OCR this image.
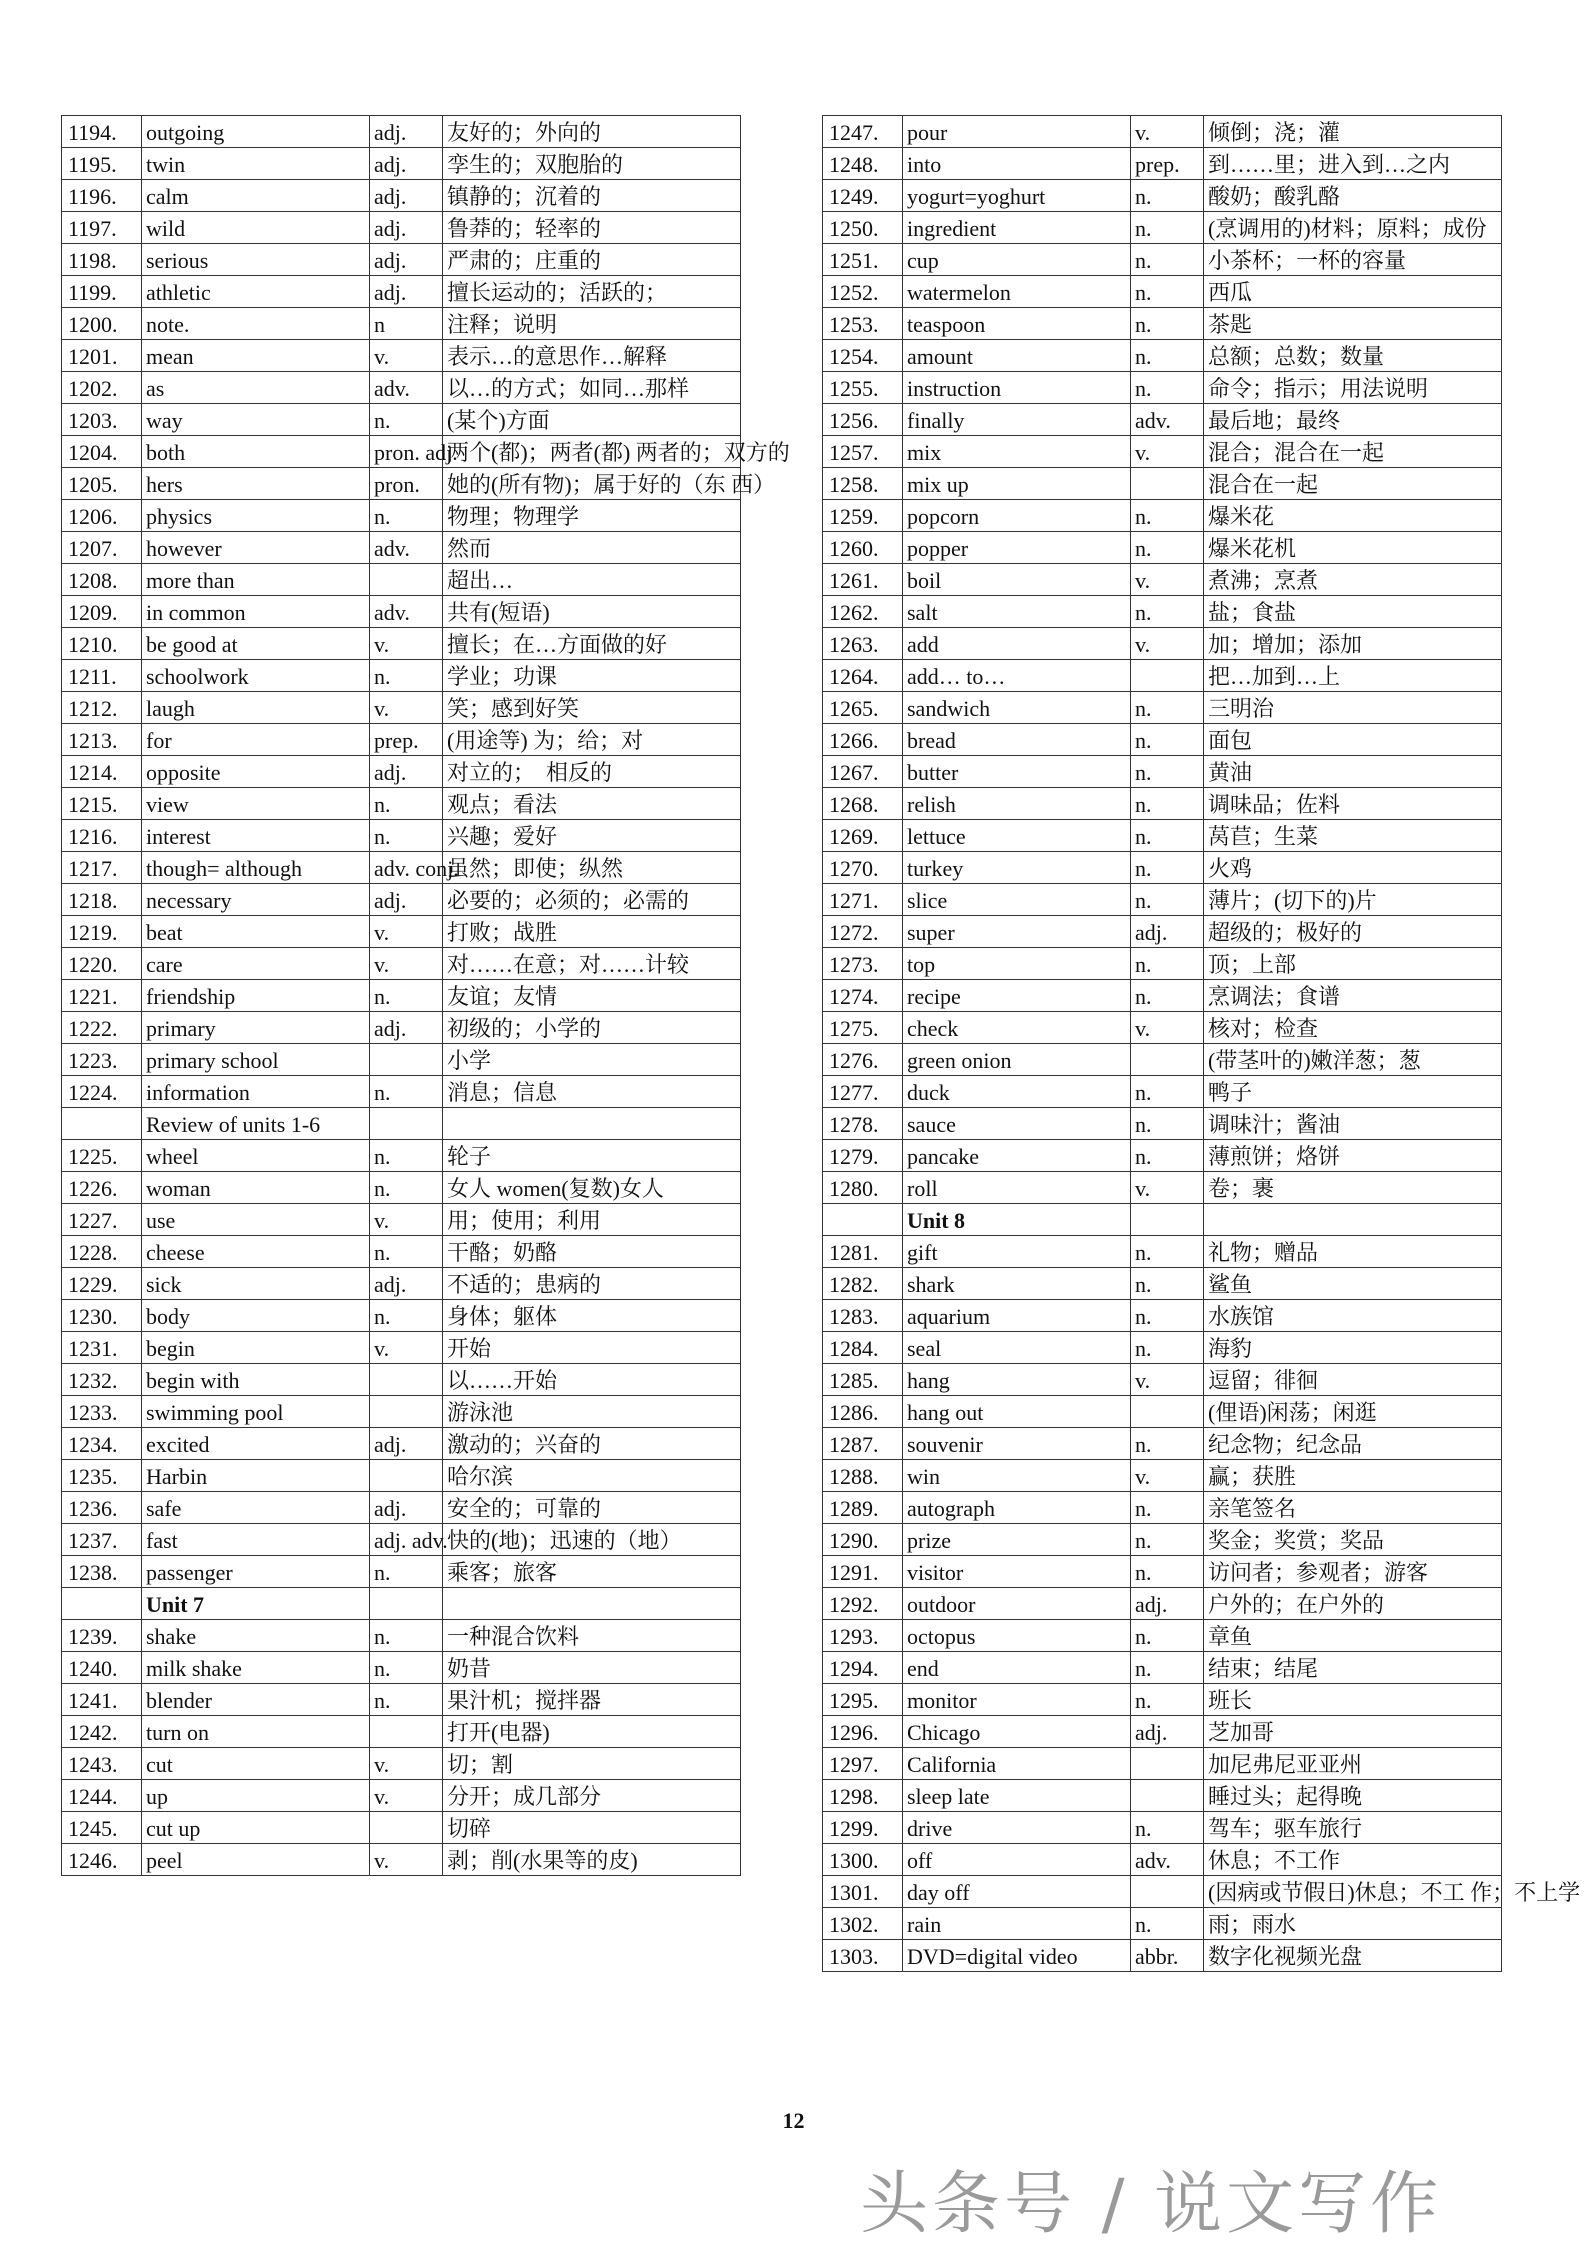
1194.	outgoing	adj.	友好的；外向的
1195.	twin	adj.	孪生的；双胞胎的
1196.	calm	adj.	镇静的；沉着的
1197.	wild	adj.	鲁莽的；轻率的
1198.	serious	adj.	严肃的；庄重的
1199.	athletic	adj.	擅长运动的；活跃的；
1200.	note.	n	注释；说明
1201.	mean	v.	表示…的意思作…解释
1202.	as	adv.	以…的方式；如同…那样
1203.	way	n.	(某个)方面
1204.	both	pron. adj.	两个(都)；两者(都) 两者的；双方的
1205.	hers	pron.	她的(所有物)；属于好的（东 西）
1206.	physics	n.	物理；物理学
1207.	however	adv.	然而
1208.	more than		超出…
1209.	in common	adv.	共有(短语)
1210.	be good at	v.	擅长；在…方面做的好
1211.	schoolwork	n.	学业；功课
1212.	laugh	v.	笑；感到好笑
1213.	for	prep.	(用途等) 为；给；对
1214.	opposite	adj.	对立的；　相反的
1215.	view	n.	观点；看法
1216.	interest	n.	兴趣；爱好
1217.	though= although	adv. conj.	虽然；即使；纵然
1218.	necessary	adj.	必要的；必须的；必需的
1219.	beat	v.	打败；战胜
1220.	care	v.	对……在意；对……计较
1221.	friendship	n.	友谊；友情
1222.	primary	adj.	初级的；小学的
1223.	primary school		小学
1224.	information	n.	消息；信息
	Review of units 1-6		
1225.	wheel	n.	轮子
1226.	woman	n.	女人 women(复数)女人
1227.	use	v.	用；使用；利用
1228.	cheese	n.	干酪；奶酪
1229.	sick	adj.	不适的；患病的
1230.	body	n.	身体；躯体
1231.	begin	v.	开始
1232.	begin with		以……开始
1233.	swimming pool		游泳池
1234.	excited	adj.	激动的；兴奋的
1235.	Harbin		哈尔滨
1236.	safe	adj.	安全的；可靠的
1237.	fast	adj. adv.	快的(地)；迅速的（地）
1238.	passenger	n.	乘客；旅客
	Unit 7		
1239.	shake	n.	一种混合饮料
1240.	milk shake	n.	奶昔
1241.	blender	n.	果汁机；搅拌器
1242.	turn on		打开(电器)
1243.	cut	v.	切；割
1244.	up	v.	分开；成几部分
1245.	cut up		切碎
1246.	peel	v.	剥；削(水果等的皮)
1247.	pour	v.	倾倒；浇；灌
1248.	into	prep.	到……里；进入到…之内
1249.	yogurt=yoghurt	n.	酸奶；酸乳酪
1250.	ingredient	n.	(烹调用的)材料；原料；成份
1251.	cup	n.	小茶杯；一杯的容量
1252.	watermelon	n.	西瓜
1253.	teaspoon	n.	茶匙
1254.	amount	n.	总额；总数；数量
1255.	instruction	n.	命令；指示；用法说明
1256.	finally	adv.	最后地；最终
1257.	mix	v.	混合；混合在一起
1258.	mix up		混合在一起
1259.	popcorn	n.	爆米花
1260.	popper	n.	爆米花机
1261.	boil	v.	煮沸；烹煮
1262.	salt	n.	盐；食盐
1263.	add	v.	加；增加；添加
1264.	add… to…		把…加到…上
1265.	sandwich	n.	三明治
1266.	bread	n.	面包
1267.	butter	n.	黄油
1268.	relish	n.	调味品；佐料
1269.	lettuce	n.	莴苣；生菜
1270.	turkey	n.	火鸡
1271.	slice	n.	薄片；(切下的)片
1272.	super	adj.	超级的；极好的
1273.	top	n.	顶；上部
1274.	recipe	n.	烹调法；食谱
1275.	check	v.	核对；检查
1276.	green onion		(带茎叶的)嫩洋葱；葱
1277.	duck	n.	鸭子
1278.	sauce	n.	调味汁；酱油
1279.	pancake	n.	薄煎饼；烙饼
1280.	roll	v.	卷；裹
	Unit 8		
1281.	gift	n.	礼物；赠品
1282.	shark	n.	鲨鱼
1283.	aquarium	n.	水族馆
1284.	seal	n.	海豹
1285.	hang	v.	逗留；徘徊
1286.	hang out		(俚语)闲荡；闲逛
1287.	souvenir	n.	纪念物；纪念品
1288.	win	v.	赢；获胜
1289.	autograph	n.	亲笔签名
1290.	prize	n.	奖金；奖赏；奖品
1291.	visitor	n.	访问者；参观者；游客
1292.	outdoor	adj.	户外的；在户外的
1293.	octopus	n.	章鱼
1294.	end	n.	结束；结尾
1295.	monitor	n.	班长
1296.	Chicago	adj.	芝加哥
1297.	California		加尼弗尼亚亚州
1298.	sleep late		睡过头；起得晚
1299.	drive	n.	驾车；驱车旅行
1300.	off	adv.	休息；不工作
1301.	day off		(因病或节假日)休息；不工 作；不上学
1302.	rain	n.	雨；雨水
1303.	DVD=digital video	abbr.	数字化视频光盘
12
头条号 / 说文写作
